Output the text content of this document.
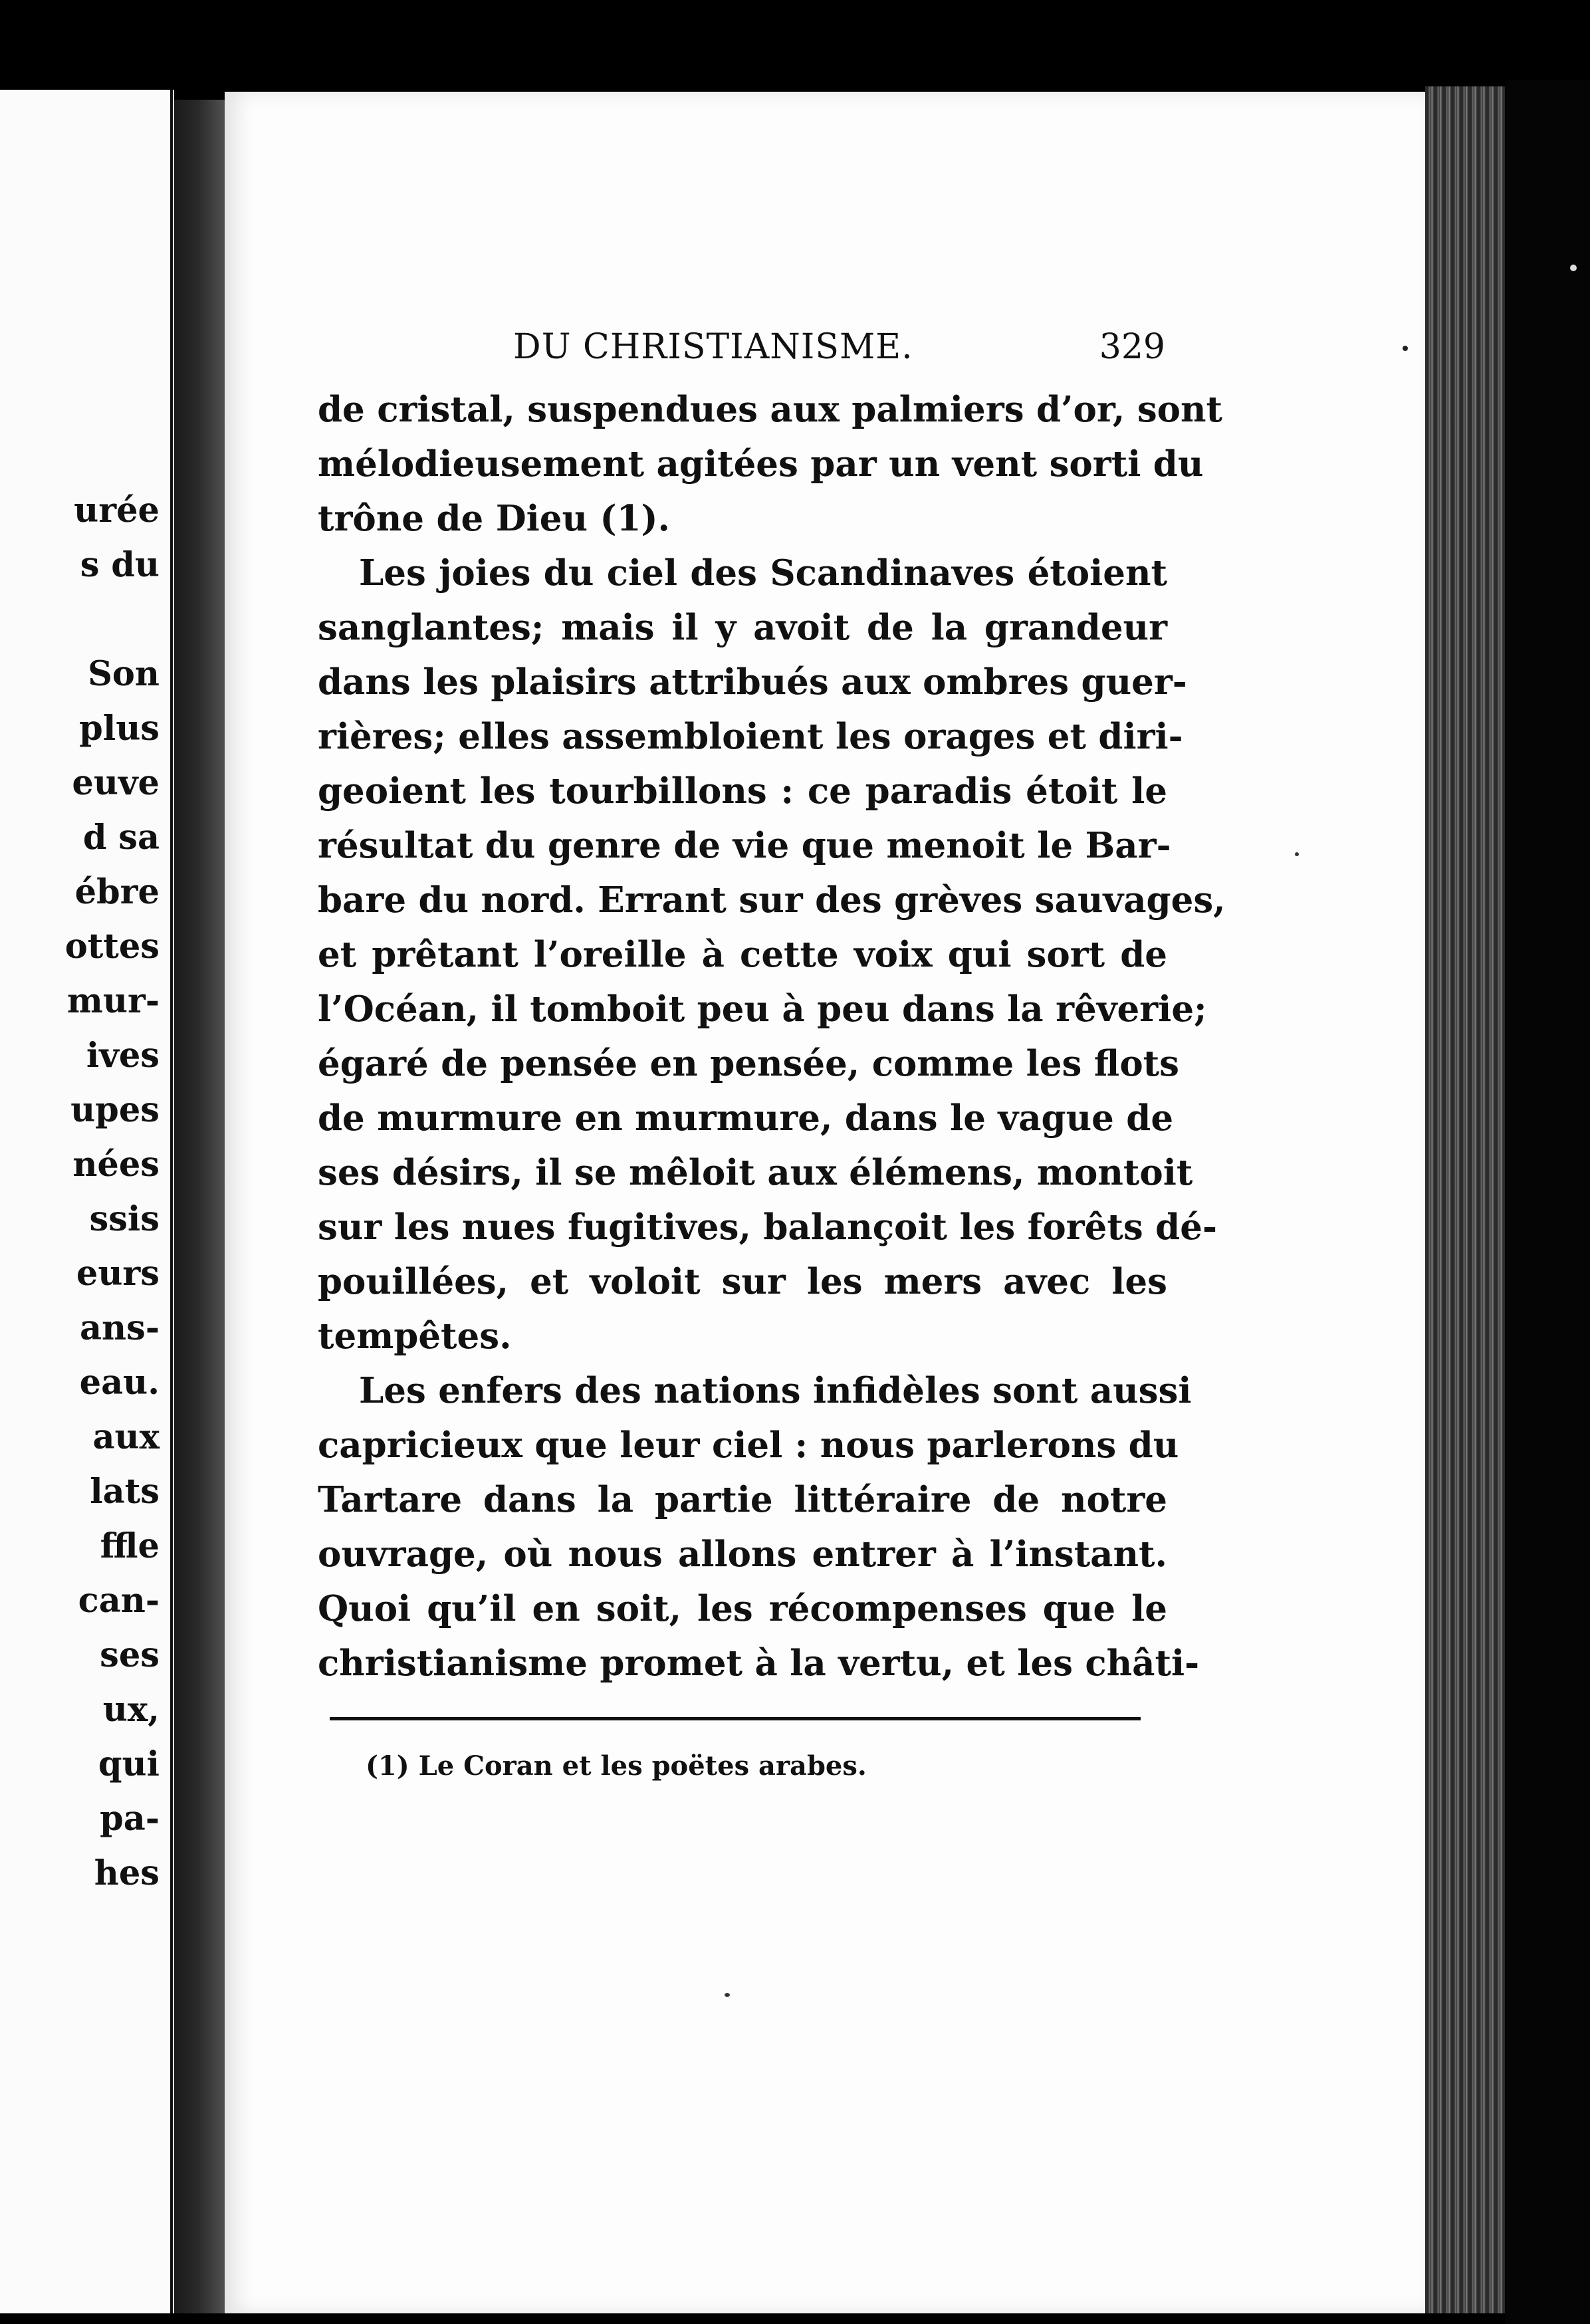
urée
s du
Son
plus
euve
d sa
ébre
ottes
mur-
ives
upes
nées
ssis
eurs
ans-
eau.
aux
lats
ffle
can-
ses
ux,
qui
pa-
hes
DU CHRISTIANISME.	329
de cristal, suspendues aux palmiers d’or, sont
mélodieusement agitées par un vent sorti du
trône de Dieu (1).
Les joies du ciel des Scandinaves étoient
sanglantes; mais il y avoit de la grandeur
dans les plaisirs attribués aux ombres guer-
rières; elles assembloient les orages et diri-
geoient les tourbillons : ce paradis étoit le
résultat du genre de vie que menoit le Bar-
bare du nord. Errant sur des grèves sauvages,
et prêtant l’oreille à cette voix qui sort de
l’Océan, il tomboit peu à peu dans la rêverie;
égaré de pensée en pensée, comme les flots
de murmure en murmure, dans le vague de
ses désirs, il se mêloit aux élémens, montoit
sur les nues fugitives, balançoit les forêts dé-
pouillées, et voloit sur les mers avec les
tempêtes.
Les enfers des nations infidèles sont aussi
capricieux que leur ciel : nous parlerons du
Tartare dans la partie littéraire de notre
ouvrage, où nous allons entrer à l’instant.
Quoi qu’il en soit, les récompenses que le
christianisme promet à la vertu, et les châti-
(1) Le Coran et les poëtes arabes.
